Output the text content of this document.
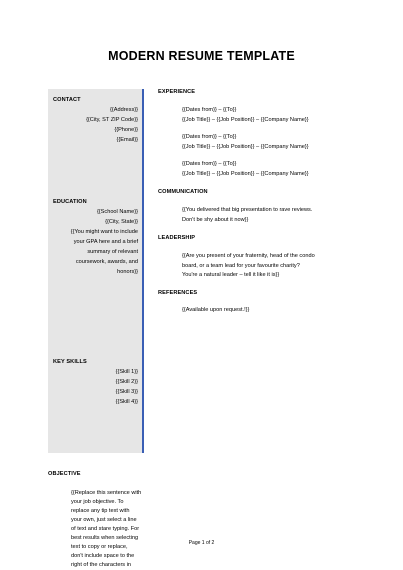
MODERN RESUME TEMPLATE
CONTACT
{{Address}}
{{City, ST ZIP Code}}
{{Phone}}
{{Email}}
EDUCATION
{{School Name}}
{{City, State}}
{{You might want to include
your GPA here and a brief
summary of relevant
coursework, awards, and
honors}}
KEY SKILLS
{{Skill 1}}
{{Skill 2}}
{{Skill 3}}
{{Skill 4}}
EXPERIENCE
{{Dates from}} – {{To}}
{{Job Title}} – {{Job Position}} – {{Company Name}}
{{Dates from}} – {{To}}
{{Job Title}} – {{Job Position}} – {{Company Name}}
{{Dates from}} – {{To}}
{{Job Title}} – {{Job Position}} – {{Company Name}}
COMMUNICATION
{{You delivered that big presentation to rave reviews.
Don't be shy about it now}}
LEADERSHIP
{{Are you present of your fraternity, head of the condo
board, or a team lead for your favourite charity?
You're a natural leader – tell it like it is}}
REFERENCES
{{Available upon request.!}}
OBJECTIVE
{{Replace this sentence with
your job objective. To
replace any tip text with
your own, just select a line
of text and stare typing. For
best results when selecting
text to copy or replace,
don't include space to the
right of the characters in
Page 1 of 2
